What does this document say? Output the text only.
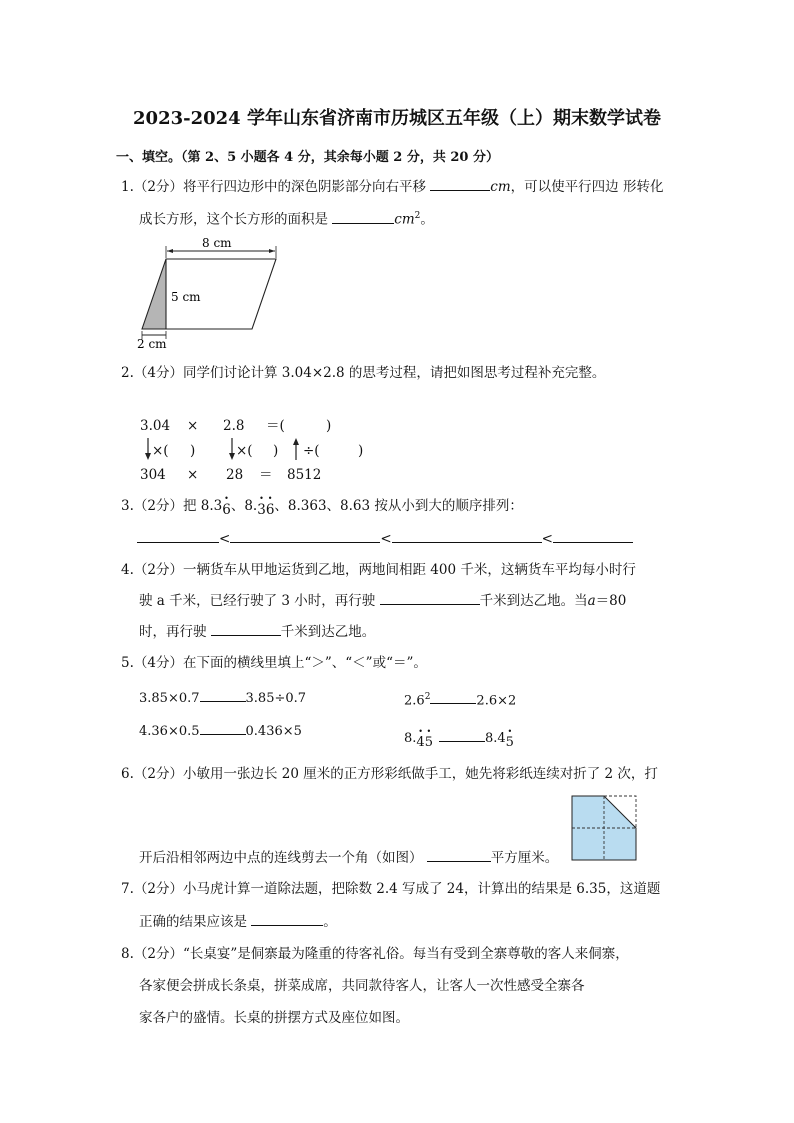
2023-2024 学年山东省济南市历城区五年级（上）期末数学试卷
一、填空。（第 2、5 小题各 4 分，其余每小题 2 分，共 20 分）
1.（2分）将平行四边形中的深色阴影部分向右平移	cm，可以使平行四边 形转化
成长方形，这个长方形的面积是	$cm^2$。
8 cm
5 cm
2 cm
2.（4分）同学们讨论计算 3.04×2.8 的思考过程，请把如图思考过程补充完整。
3.04 × 2.8 ＝(	)
×( )	×( ) ÷(	)
304 × 28 ＝ 8512
3.（2分）把 8.3• 6、8.• 3• 6、8.363、8.63 按从小到大的顺序排列：
<	<	<
4.（2分）一辆货车从甲地运货到乙地，两地间相距 400 千米，这辆货车平均每小时行
驶 a 千米，已经行驶了 3 小时，再行驶	千米到达乙地。当a＝80
时，再行驶	千米到达乙地。
5.（4分）在下面的横线里填上“＞”、“＜”或“＝”。
3.85×0.7	3.85÷0.7	$2.6^2$	2.6×2
4.36×0.5	0.436×5	8.• 4• 5	8.4• 5
6.（2分）小敏用一张边长 20 厘米的正方形彩纸做手工，她先将彩纸连续对折了 2 次，打
开后沿相邻两边中点的连线剪去一个角（如图）	平方厘米。
7.（2分）小马虎计算一道除法题，把除数 2.4 写成了 24，计算出的结果是 6.35，这道题
正确的结果应该是	。
8.（2分）“长桌宴”是侗寨最为隆重的待客礼俗。每当有受到全寨尊敬的客人来侗寨，
各家便会拼成长条桌，拼菜成席，共同款待客人，让客人一次性感受全寨各
家各户的盛情。长桌的拼摆方式及座位如图。
